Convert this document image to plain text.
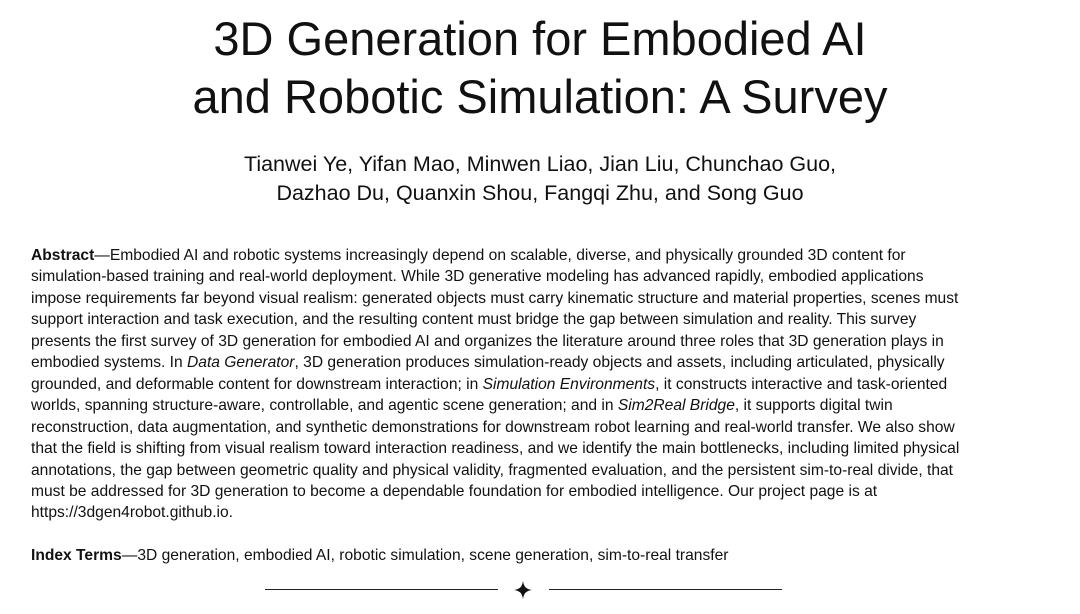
3D Generation for Embodied AI
and Robotic Simulation: A Survey
Tianwei Ye, Yifan Mao, Minwen Liao, Jian Liu, Chunchao Guo,
Dazhao Du, Quanxin Shou, Fangqi Zhu, and Song Guo
Abstract—Embodied AI and robotic systems increasingly depend on scalable, diverse, and physically grounded 3D content for
simulation-based training and real-world deployment. While 3D generative modeling has advanced rapidly, embodied applications
impose requirements far beyond visual realism: generated objects must carry kinematic structure and material properties, scenes must
support interaction and task execution, and the resulting content must bridge the gap between simulation and reality. This survey
presents the first survey of 3D generation for embodied AI and organizes the literature around three roles that 3D generation plays in
embodied systems. In Data Generator, 3D generation produces simulation-ready objects and assets, including articulated, physically
grounded, and deformable content for downstream interaction; in Simulation Environments, it constructs interactive and task-oriented
worlds, spanning structure-aware, controllable, and agentic scene generation; and in Sim2Real Bridge, it supports digital twin
reconstruction, data augmentation, and synthetic demonstrations for downstream robot learning and real-world transfer. We also show
that the field is shifting from visual realism toward interaction readiness, and we identify the main bottlenecks, including limited physical
annotations, the gap between geometric quality and physical validity, fragmented evaluation, and the persistent sim-to-real divide, that
must be addressed for 3D generation to become a dependable foundation for embodied intelligence. Our project page is at
https://3dgen4robot.github.io.
Index Terms—3D generation, embodied AI, robotic simulation, scene generation, sim-to-real transfer
